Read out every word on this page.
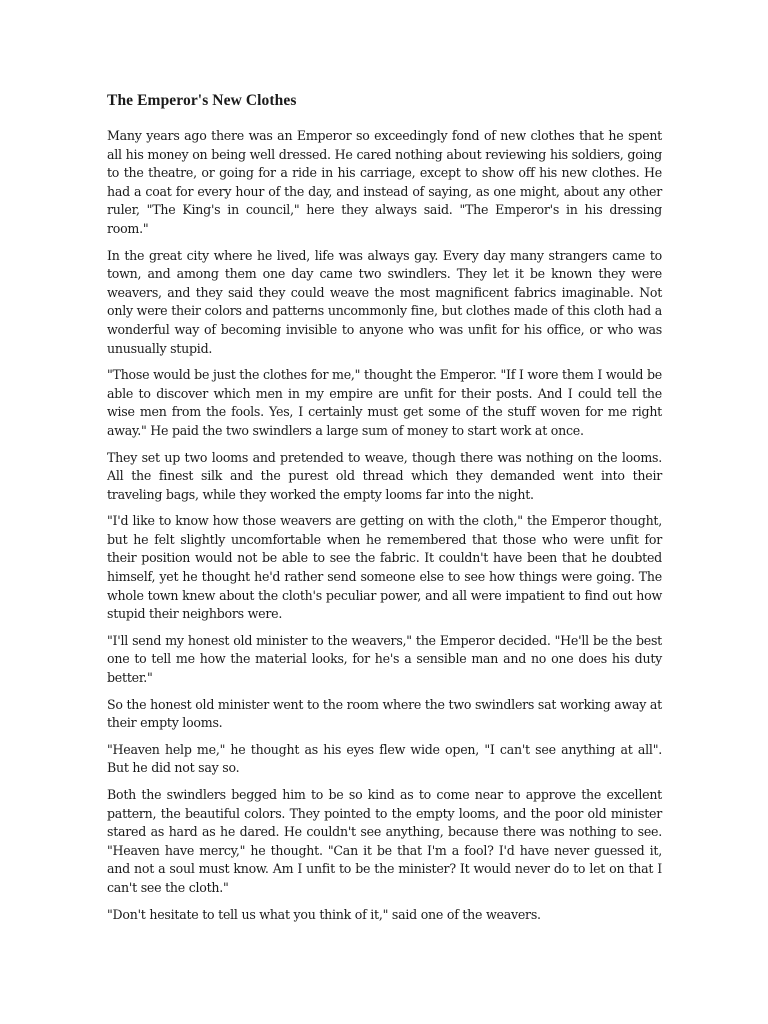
The Emperor's New Clothes

Many years ago there was an Emperor so exceedingly fond of new clothes that he spent all his money on being well dressed. He cared nothing about reviewing his soldiers, going to the theatre, or going for a ride in his carriage, except to show off his new clothes. He had a coat for every hour of the day, and instead of saying, as one might, about any other ruler, "The King's in council," here they always said. "The Emperor's in his dressing room."

In the great city where he lived, life was always gay. Every day many strangers came to town, and among them one day came two swindlers. They let it be known they were weavers, and they said they could weave the most magnificent fabrics imaginable. Not only were their colors and patterns uncommonly fine, but clothes made of this cloth had a wonderful way of becoming invisible to anyone who was unfit for his office, or who was unusually stupid.

"Those would be just the clothes for me," thought the Emperor. "If I wore them I would be able to discover which men in my empire are unfit for their posts. And I could tell the wise men from the fools. Yes, I certainly must get some of the stuff woven for me right away." He paid the two swindlers a large sum of money to start work at once.

They set up two looms and pretended to weave, though there was nothing on the looms. All the finest silk and the purest old thread which they demanded went into their traveling bags, while they worked the empty looms far into the night.

"I'd like to know how those weavers are getting on with the cloth," the Emperor thought, but he felt slightly uncomfortable when he remembered that those who were unfit for their position would not be able to see the fabric. It couldn't have been that he doubted himself, yet he thought he'd rather send someone else to see how things were going. The whole town knew about the cloth's peculiar power, and all were impatient to find out how stupid their neighbors were.

"I'll send my honest old minister to the weavers," the Emperor decided. "He'll be the best one to tell me how the material looks, for he's a sensible man and no one does his duty better."

So the honest old minister went to the room where the two swindlers sat working away at their empty looms.

"Heaven help me," he thought as his eyes flew wide open, "I can't see anything at all". But he did not say so.

Both the swindlers begged him to be so kind as to come near to approve the excellent pattern, the beautiful colors. They pointed to the empty looms, and the poor old minister stared as hard as he dared. He couldn't see anything, because there was nothing to see. "Heaven have mercy," he thought. "Can it be that I'm a fool? I'd have never guessed it, and not a soul must know. Am I unfit to be the minister? It would never do to let on that I can't see the cloth."

"Don't hesitate to tell us what you think of it," said one of the weavers.
